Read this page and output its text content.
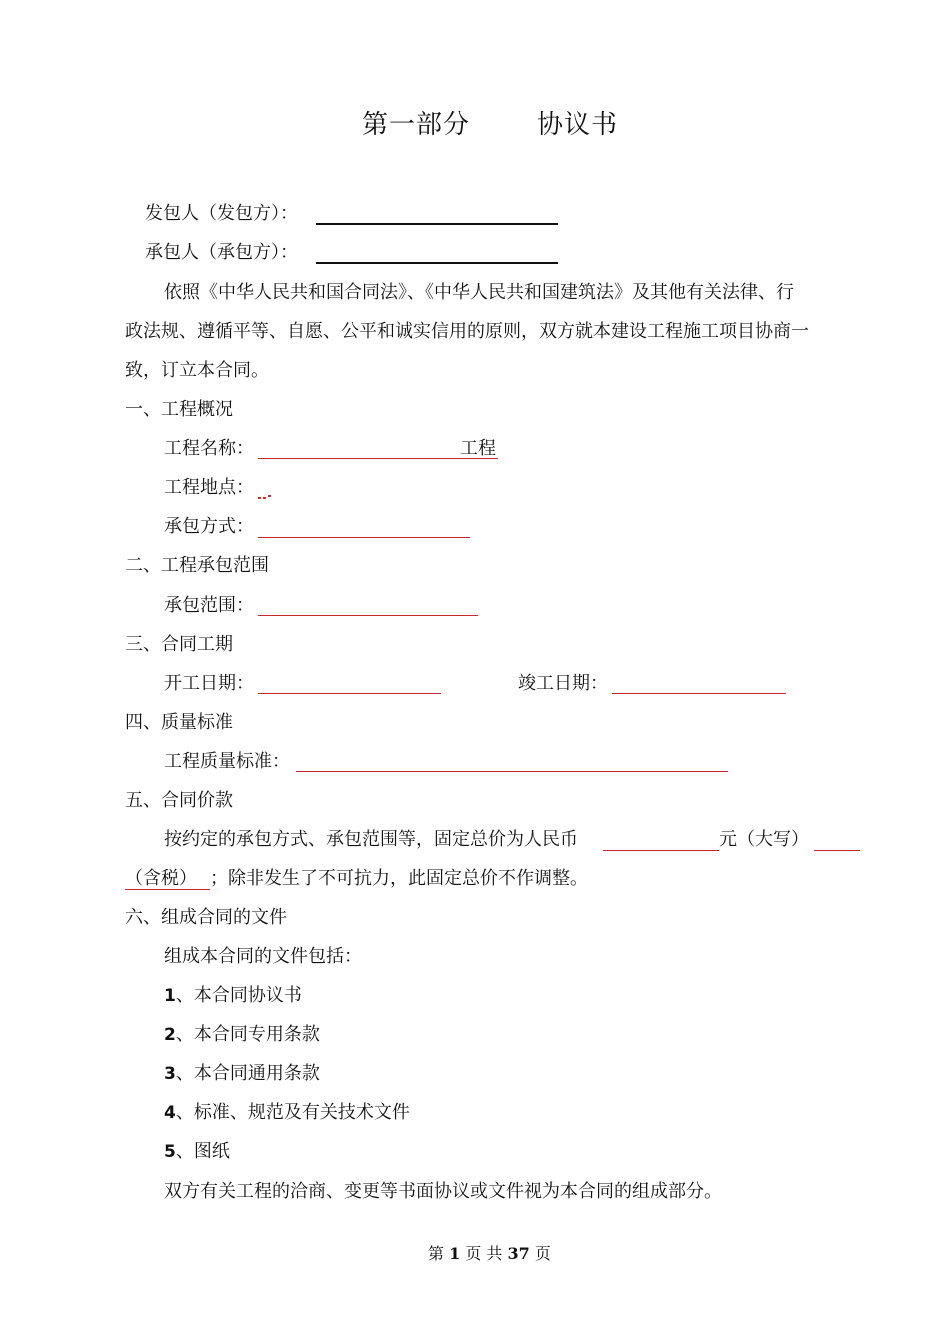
第一部分	协议书
发包人（发包方）：
承包人（承包方）：
依照《中华人民共和国合同法》、《中华人民共和国建筑法》及其他有关法律、行
政法规、遵循平等、自愿、公平和诚实信用的原则，双方就本建设工程施工项目协商一
致，订立本合同。
一、工程概况
工程名称：	工程
工程地点：
承包方式：
二、工程承包范围
承包范围：
三、合同工期
开工日期：	竣工日期：
四、质量标准
工程质量标准：
五、合同价款
按约定的承包方式、承包范围等，固定总价为人民币	元（大写）
（含税） ；除非发生了不可抗力，此固定总价不作调整。
六、组成合同的文件
组成本合同的文件包括：
1、本合同协议书
2、本合同专用条款
3、本合同通用条款
4、标准、规范及有关技术文件
5、图纸
双方有关工程的洽商、变更等书面协议或文件视为本合同的组成部分。
第 1 页 共 37 页
